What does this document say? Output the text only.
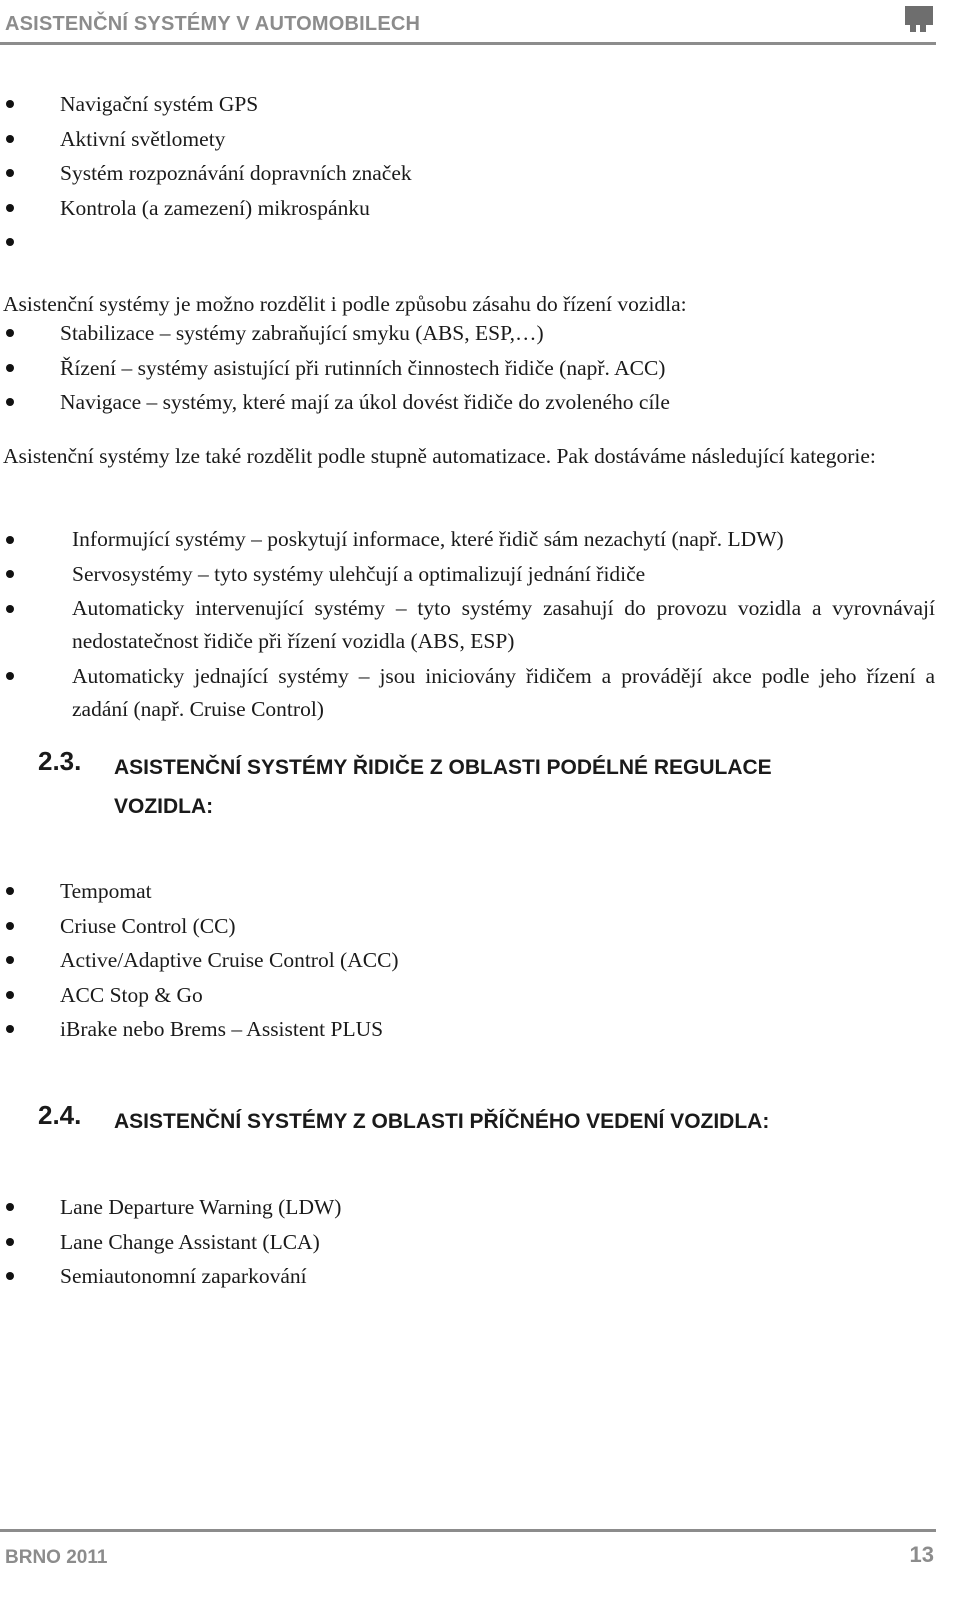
ASISTENČNÍ SYSTÉMY V AUTOMOBILECH
Navigační systém GPS
Aktivní světlomety
Systém rozpoznávání dopravních značek
Kontrola (a zamezení) mikrospánku

Asistenční systémy je možno rozdělit i podle způsobu zásahu do řízení vozidla:

Stabilizace – systémy zabraňující smyku (ABS, ESP,…)
Řízení – systémy asistující při rutinních činnostech řidiče (např. ACC)
Navigace – systémy, které mají za úkol dovést řidiče do zvoleného cíle

Asistenční systémy lze také rozdělit podle stupně automatizace. Pak dostáváme následující kategorie:

Informující systémy – poskytují informace, které řidič sám nezachytí (např. LDW)
Servosystémy – tyto systémy ulehčují a optimalizují jednání řidiče
Automaticky intervenující systémy – tyto systémy zasahují do provozu vozidla a vyrovnávají nedostatečnost řidiče při řízení vozidla (ABS, ESP)
Automaticky jednající systémy – jsou iniciovány řidičem a provádějí akce podle jeho řízení a zadání (např. Cruise Control)
2.3. ASISTENČNÍ SYSTÉMY ŘIDIČE Z OBLASTI PODÉLNÉ REGULACE VOZIDLA:
Tempomat
Criuse Control (CC)
Active/Adaptive Cruise Control (ACC)
ACC Stop & Go
iBrake nebo Brems – Assistent PLUS
2.4. ASISTENČNÍ SYSTÉMY Z OBLASTI PŘÍČNÉHO VEDENÍ VOZIDLA:
Lane Departure Warning (LDW)
Lane Change Assistant (LCA)
Semiautonomní zaparkování
BRNO 2011	13
